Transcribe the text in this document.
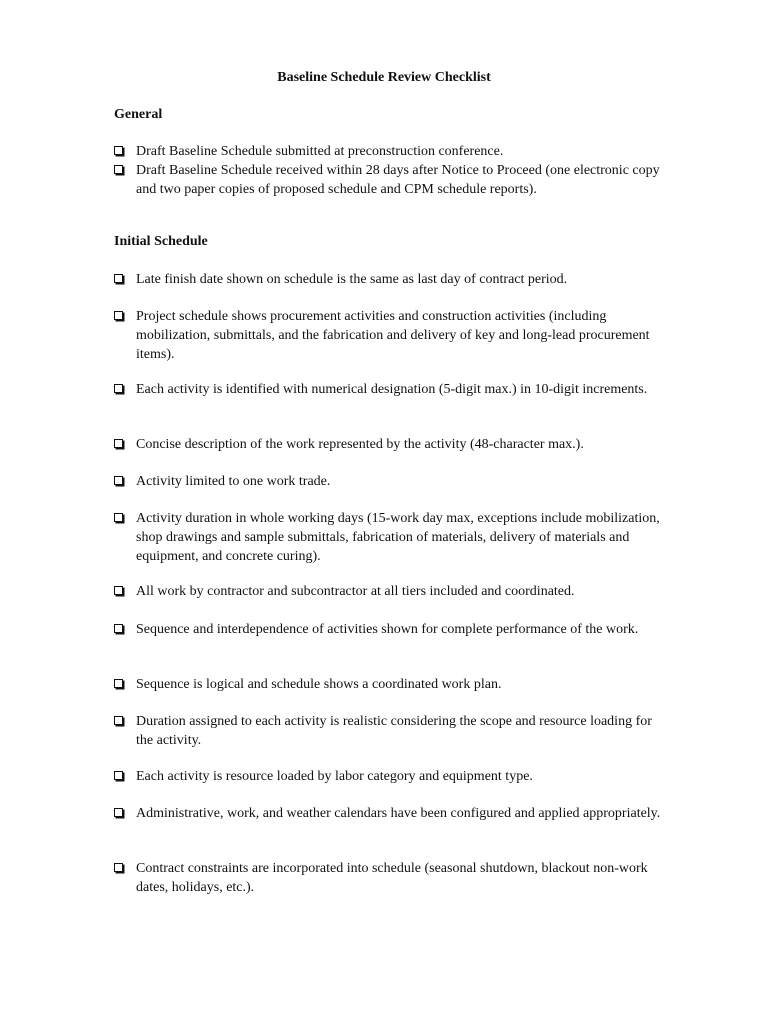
Baseline Schedule Review Checklist
General
Draft Baseline Schedule submitted at preconstruction conference.
Draft Baseline Schedule received within 28 days after Notice to Proceed (one electronic copy and two paper copies of proposed schedule and CPM schedule reports).
Initial Schedule
Late finish date shown on schedule is the same as last day of contract period.
Project schedule shows procurement activities and construction activities (including mobilization, submittals, and the fabrication and delivery of key and long-lead procurement items).
Each activity is identified with numerical designation (5-digit max.) in 10-digit increments.
Concise description of the work represented by the activity (48-character max.).
Activity limited to one work trade.
Activity duration in whole working days (15-work day max, exceptions include mobilization, shop drawings and sample submittals, fabrication of materials, delivery of materials and equipment, and concrete curing).
All work by contractor and subcontractor at all tiers included and coordinated.
Sequence and interdependence of activities shown for complete performance of the work.
Sequence is logical and schedule shows a coordinated work plan.
Duration assigned to each activity is realistic considering the scope and resource loading for the activity.
Each activity is resource loaded by labor category and equipment type.
Administrative, work, and weather calendars have been configured and applied appropriately.
Contract constraints are incorporated into schedule (seasonal shutdown, blackout non-work dates, holidays, etc.).
